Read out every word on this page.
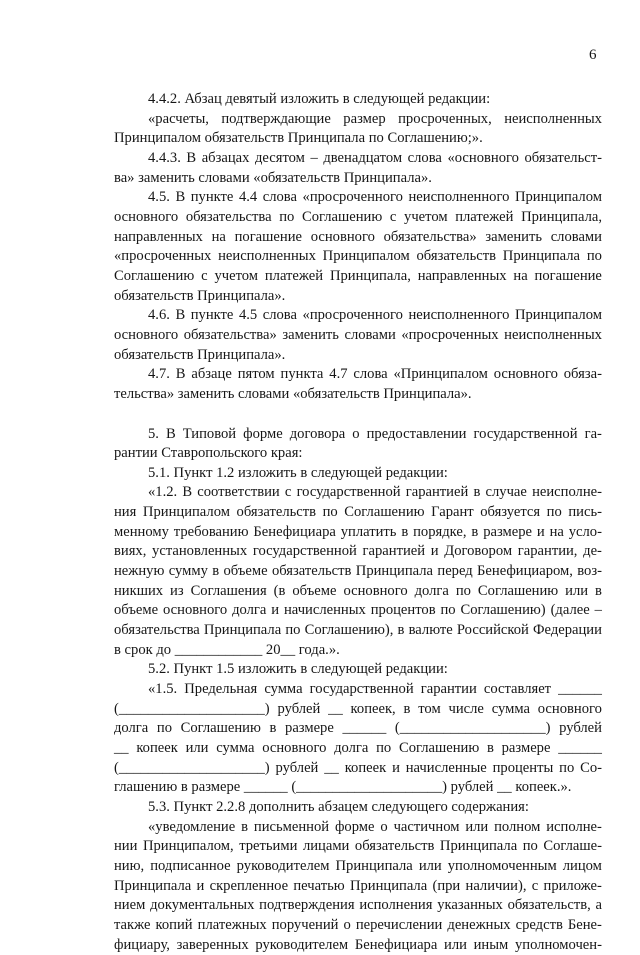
6
4.4.2. Абзац девятый изложить в следующей редакции:
«расчеты, подтверждающие размер просроченных, неисполненных
Принципалом обязательств Принципала по Соглашению;».
4.4.3. В абзацах десятом – двенадцатом слова «основного обязательст-
ва» заменить словами «обязательств Принципала».
4.5. В пункте 4.4 слова «просроченного неисполненного Принципалом
основного обязательства по Соглашению с учетом платежей Принципала,
направленных на погашение основного обязательства» заменить словами
«просроченных неисполненных Принципалом обязательств Принципала по
Соглашению с учетом платежей Принципала, направленных на погашение
обязательств Принципала».
4.6. В пункте 4.5 слова «просроченного неисполненного Принципалом
основного обязательства» заменить словами «просроченных неисполненных
обязательств Принципала».
4.7. В абзаце пятом пункта 4.7 слова «Принципалом основного обяза-
тельства» заменить словами «обязательств Принципала».
5. В Типовой форме договора о предоставлении государственной га-
рантии Ставропольского края:
5.1. Пункт 1.2 изложить в следующей редакции:
«1.2. В соответствии с государственной гарантией в случае неисполне-
ния Принципалом обязательств по Соглашению Гарант обязуется по пись-
менному требованию Бенефициара уплатить в порядке, в размере и на усло-
виях, установленных государственной гарантией и Договором гарантии, де-
нежную сумму в объеме обязательств Принципала перед Бенефициаром, воз-
никших из Соглашения (в объеме основного долга по Соглашению или в
объеме основного долга и начисленных процентов по Соглашению) (далее –
обязательства Принципала по Соглашению), в валюте Российской Федерации
в срок до ____________ 20__ года.».
5.2. Пункт 1.5 изложить в следующей редакции:
«1.5. Предельная сумма государственной гарантии составляет ______
(____________________) рублей __ копеек, в том числе сумма основного
долга по Соглашению в размере ______ (____________________) рублей
__ копеек или сумма основного долга по Соглашению в размере ______
(____________________) рублей __ копеек и начисленные проценты по Со-
глашению в размере ______ (____________________) рублей __ копеек.».
5.3. Пункт 2.2.8 дополнить абзацем следующего содержания:
«уведомление в письменной форме о частичном или полном исполне-
нии Принципалом, третьими лицами обязательств Принципала по Соглаше-
нию, подписанное руководителем Принципала или уполномоченным лицом
Принципала и скрепленное печатью Принципала (при наличии), с приложе-
нием документальных подтверждения исполнения указанных обязательств, а
также копий платежных поручений о перечислении денежных средств Бене-
фициару, заверенных руководителем Бенефициара или иным уполномочен-
